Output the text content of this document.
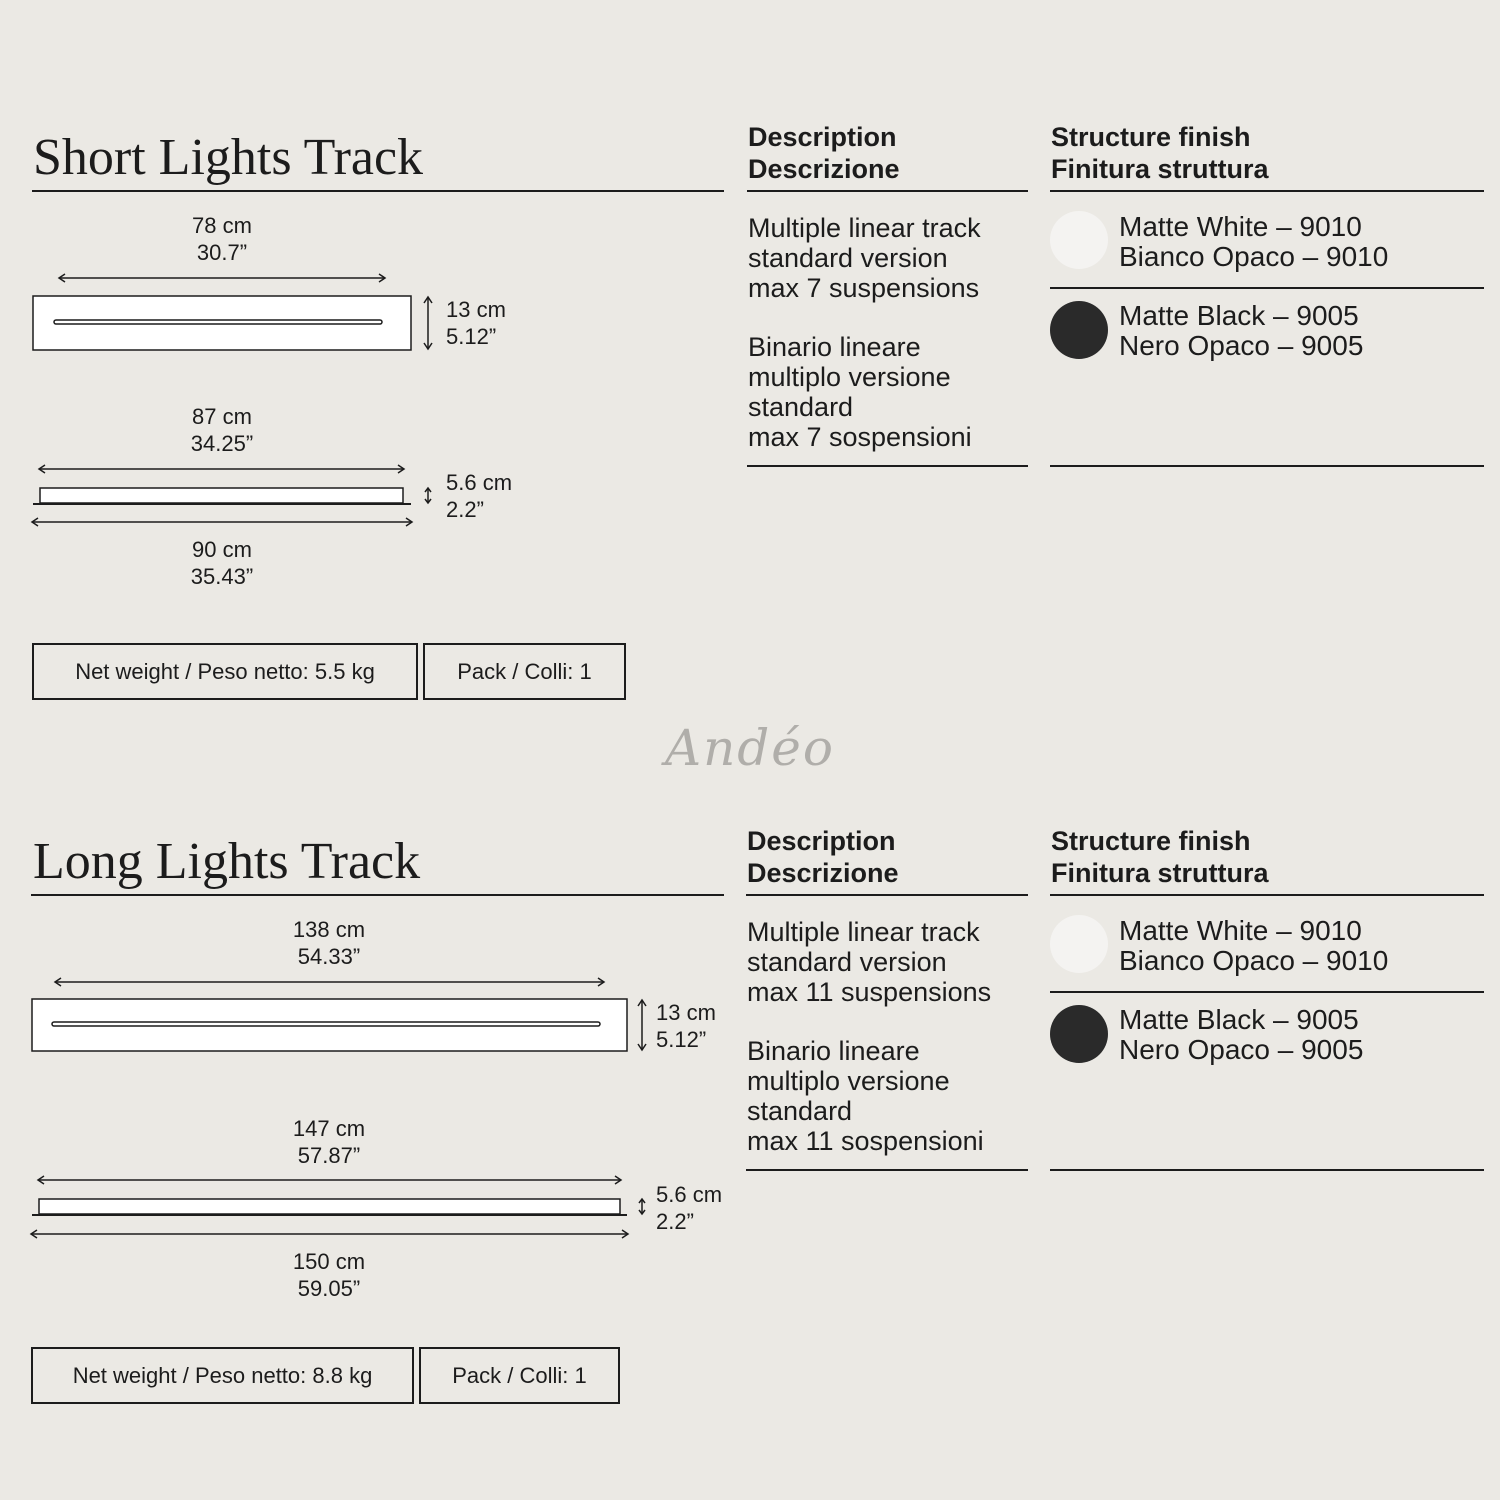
Short Lights Track	Description
Descrizione
Multiple linear track
standard version
max 7 suspensions
Binario lineare
multiplo versione
standard
max 7 sospensioni
Structure finish
Finitura struttura
Matte White – 9010
Bianco Opaco – 9010
Matte Black – 9005
Nero Opaco – 9005
78 cm
30.7”
13 cm
5.12”
87 cm
34.25”
5.6 cm
2.2”
90 cm
35.43”
Net weight / Peso netto: 5.5 kg	Pack / Colli: 1
Andéo
Long Lights Track	Description
Descrizione
Multiple linear track
standard version
max 11 suspensions
Binario lineare
multiplo versione
standard
max 11 sospensioni
Structure finish
Finitura struttura
Matte White – 9010
Bianco Opaco – 9010
Matte Black – 9005
Nero Opaco – 9005
138 cm
54.33”
13 cm
5.12”
147 cm
57.87”
5.6 cm
2.2”
150 cm
59.05”
Net weight / Peso netto: 8.8 kg	Pack / Colli: 1
